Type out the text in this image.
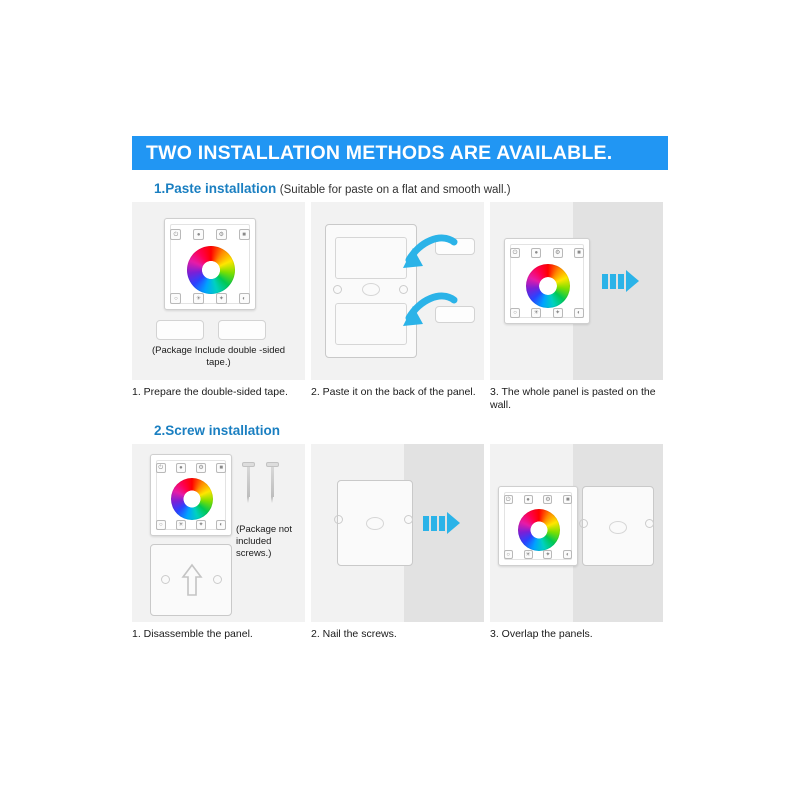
TWO INSTALLATION METHODS ARE AVAILABLE.
1.Paste installation (Suitable for paste on a flat and smooth wall.)
⏻	●	⚙	■
○	☀	✦	◐
(Package Include double -sided tape.)
⏻	●	⚙	■
○	☀	✦	◐
1. Prepare the double-sided tape.	2. Paste it on the back of the panel.	3. The whole panel is pasted on the wall.
2.Screw installation
⏻	●	⚙	■
○	☀	✦	◐	(Package not included screws.)
⏻	●	⚙	■
○	☀	✦	◐
1. Disassemble the panel.	2. Nail the screws.	3. Overlap the panels.
